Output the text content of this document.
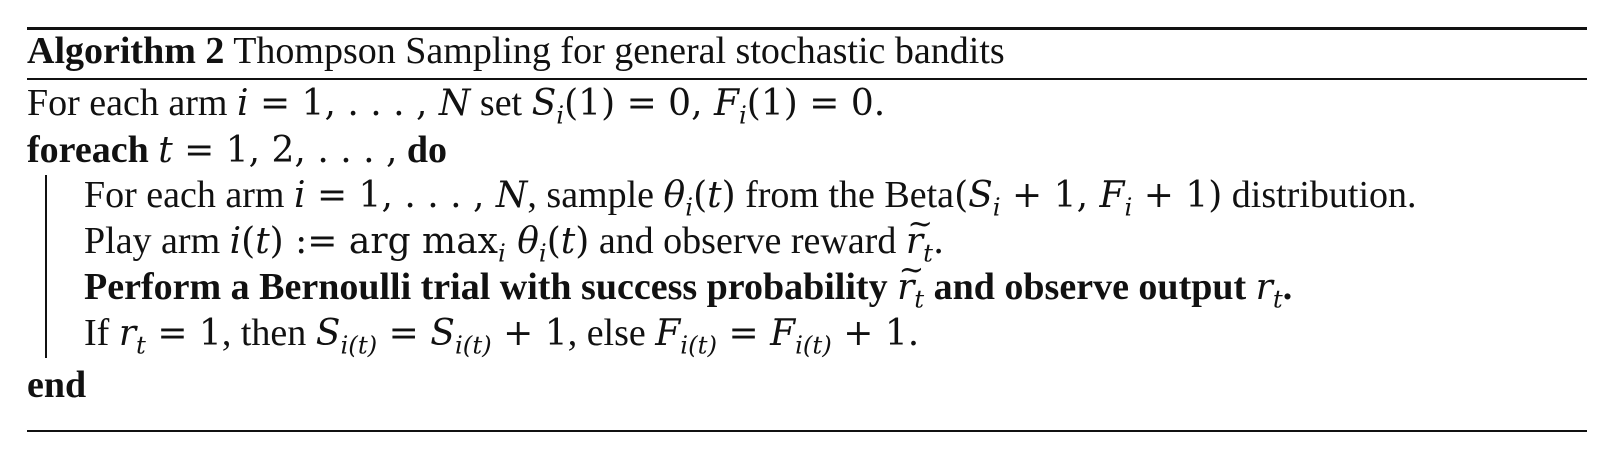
Algorithm 2 Thompson Sampling for general stochastic bandits
For each arm i = 1, . . . , N set $S_i(1) = 0$, $F_i(1) = 0$.
foreach t = 1, 2, . . . , do
For each arm i = 1, . . . , N, sample $\theta_i(t)$ from the $Beta(S_i + 1$, $F_i + 1$) distribution.
Play arm i(t) := arg $\max_i \theta_i(t)$ and observe reward ~ $r_t$.
Perform a Bernoulli trial with success probability ~ $r_t$ and observe output $r_t$.
If $r_t = 1$, then $S_{i(t)} = S_{i(t)} + 1$, else $F_{i(t)} = F_{i(t)} + 1$.
end
